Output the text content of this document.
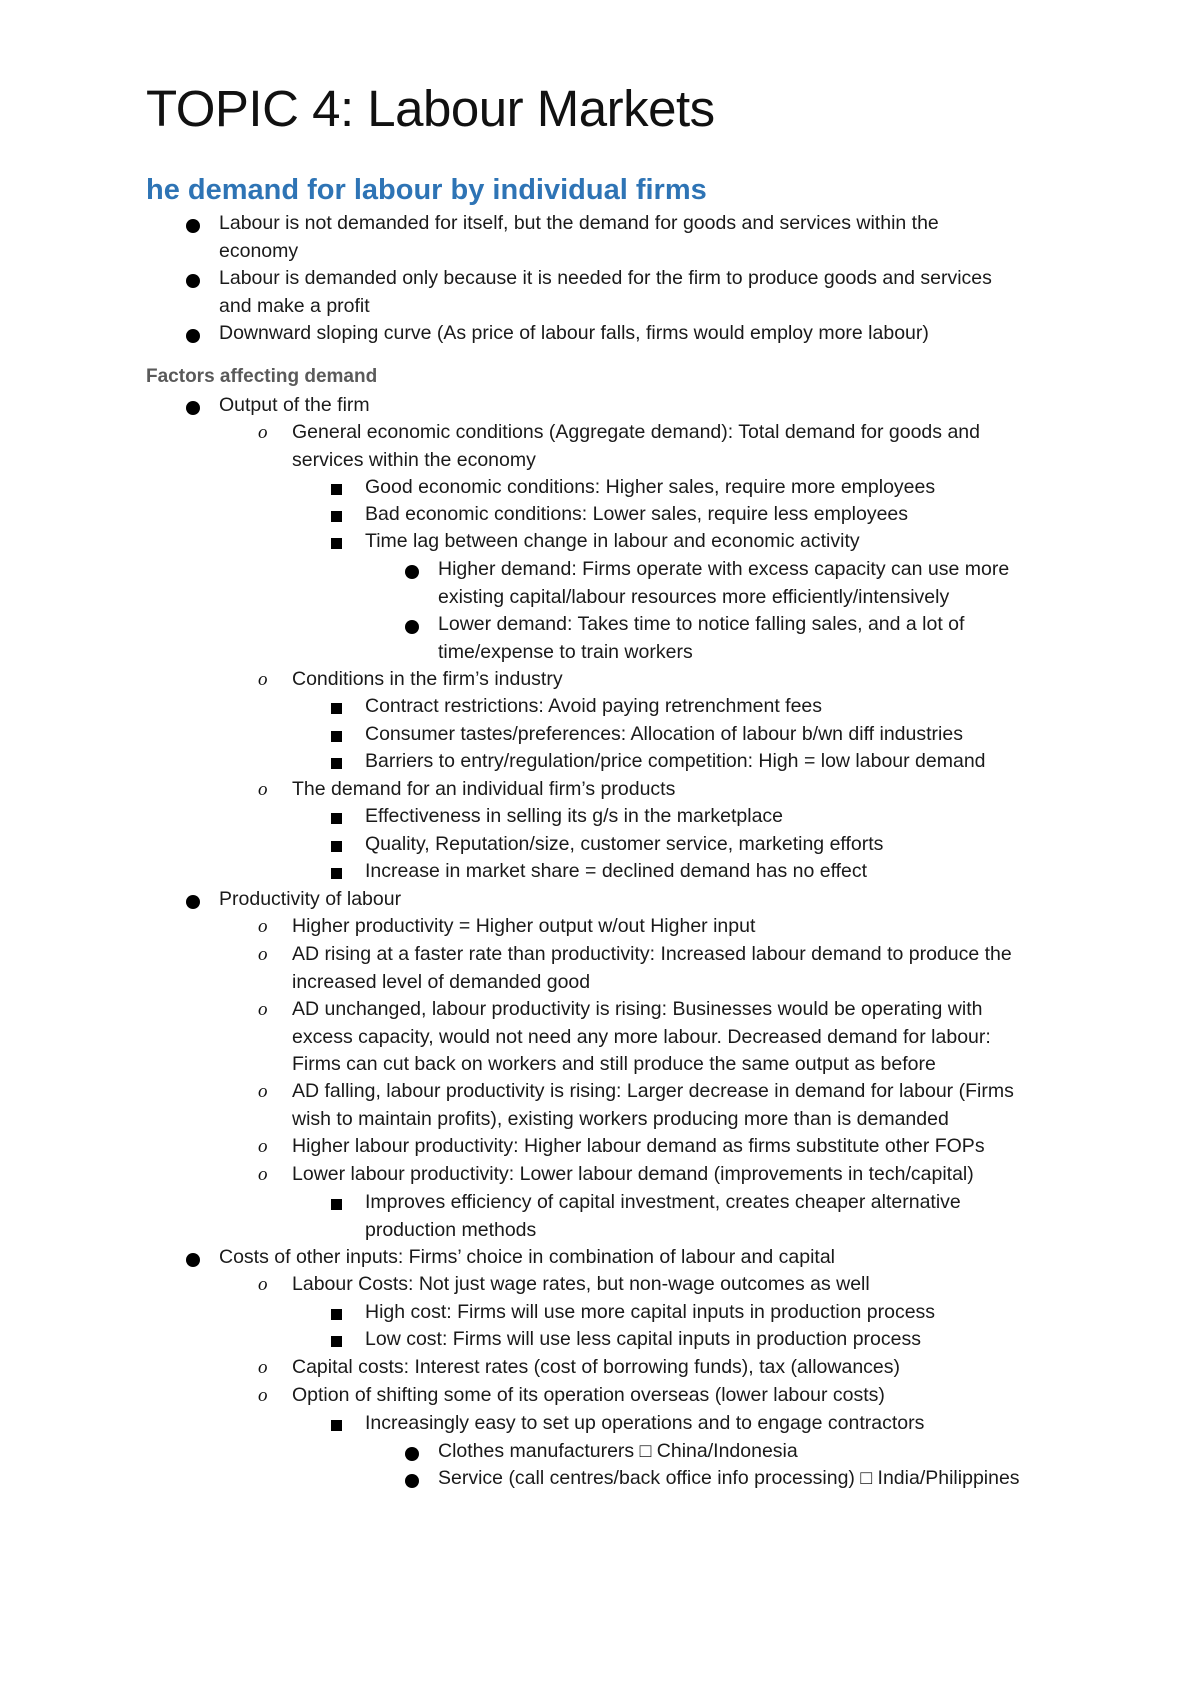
TOPIC 4: Labour Markets
he demand for labour by individual firms
Labour is not demanded for itself, but the demand for goods and services within the
economy
Labour is demanded only because it is needed for the firm to produce goods and services
and make a profit
Downward sloping curve (As price of labour falls, firms would employ more labour)
Factors affecting demand
Output of the firm
o General economic conditions (Aggregate demand): Total demand for goods and
services within the economy
Good economic conditions: Higher sales, require more employees
Bad economic conditions: Lower sales, require less employees
Time lag between change in labour and economic activity
Higher demand: Firms operate with excess capacity can use more
existing capital/labour resources more efficiently/intensively
Lower demand: Takes time to notice falling sales, and a lot of
time/expense to train workers
o Conditions in the firm’s industry
Contract restrictions: Avoid paying retrenchment fees
Consumer tastes/preferences: Allocation of labour b/wn diff industries
Barriers to entry/regulation/price competition: High = low labour demand
o The demand for an individual firm’s products
Effectiveness in selling its g/s in the marketplace
Quality, Reputation/size, customer service, marketing efforts
Increase in market share = declined demand has no effect
Productivity of labour
o Higher productivity = Higher output w/out Higher input
o AD rising at a faster rate than productivity: Increased labour demand to produce the
increased level of demanded good
o AD unchanged, labour productivity is rising: Businesses would be operating with
excess capacity, would not need any more labour. Decreased demand for labour:
Firms can cut back on workers and still produce the same output as before
o AD falling, labour productivity is rising: Larger decrease in demand for labour (Firms
wish to maintain profits), existing workers producing more than is demanded
o Higher labour productivity: Higher labour demand as firms substitute other FOPs
o Lower labour productivity: Lower labour demand (improvements in tech/capital)
Improves efficiency of capital investment, creates cheaper alternative
production methods
Costs of other inputs: Firms’ choice in combination of labour and capital
o Labour Costs: Not just wage rates, but non-wage outcomes as well
High cost: Firms will use more capital inputs in production process
Low cost: Firms will use less capital inputs in production process
o Capital costs: Interest rates (cost of borrowing funds), tax (allowances)
o Option of shifting some of its operation overseas (lower labour costs)
Increasingly easy to set up operations and to engage contractors
Clothes manufacturers □ China/Indonesia
Service (call centres/back office info processing) □ India/Philippines
